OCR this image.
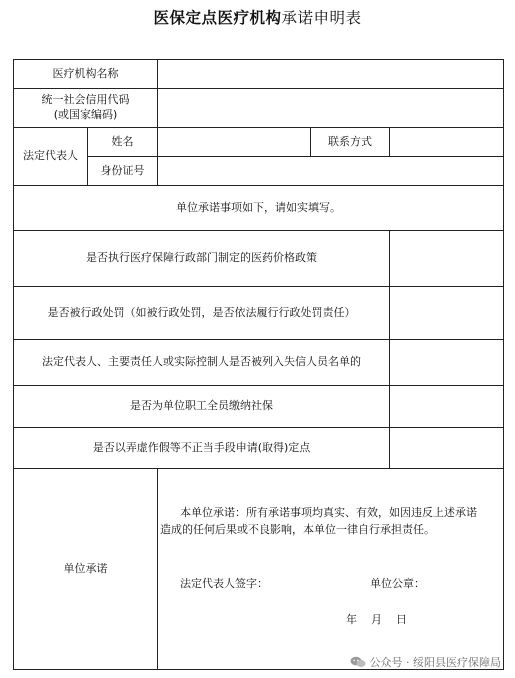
医保定点医疗机构承诺申明表
医疗机构名称
统一社会信用代码
(或国家编码)
法定代表人
姓名	联系方式
身份证号
单位承诺事项如下，请如实填写。
是否执行医疗保障行政部门制定的医药价格政策
是否被行政处罚（如被行政处罚，是否依法履行行政处罚责任）
法定代表人、主要责任人或实际控制人是否被列入失信人员名单的
是否为单位职工全员缴纳社保
是否以弄虚作假等不正当手段申请(取得)定点
单位承诺
本单位承诺：所有承诺事项均真实、有效，如因违反上述承诺
造成的任何后果或不良影响，本单位一律自行承担责任。
法定代表人签字：	单位公章：
年    月    日
公众号 · 绥阳县医疗保障局
